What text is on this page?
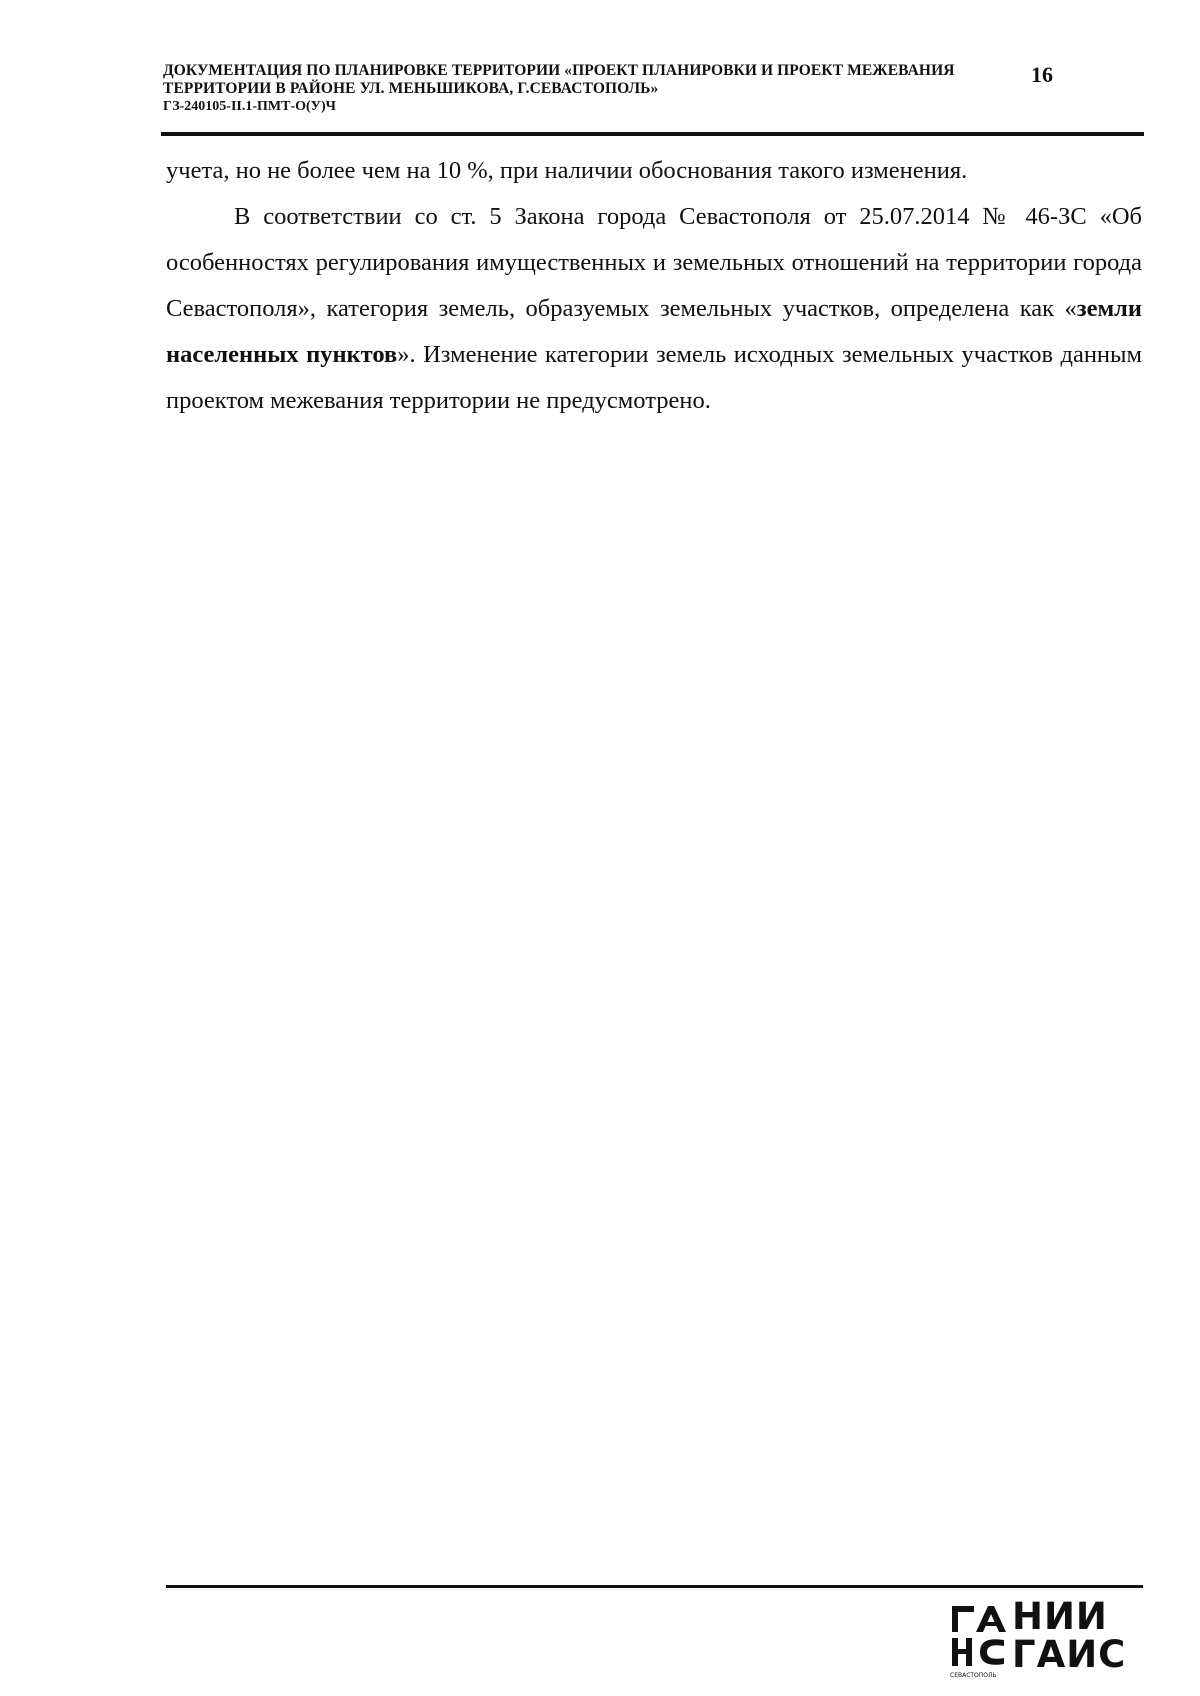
ДОКУМЕНТАЦИЯ ПО ПЛАНИРОВКЕ ТЕРРИТОРИИ «ПРОЕКТ ПЛАНИРОВКИ И ПРОЕКТ МЕЖЕВАНИЯ
ТЕРРИТОРИИ В РАЙОНЕ УЛ. МЕНЬШИКОВА, Г.СЕВАСТОПОЛЬ»
ГЗ-240105-II.1-ПМТ-О(У)Ч
16

учета, но не более чем на 10 %, при наличии обоснования такого изменения.

В соответствии со ст. 5 Закона города Севастополя от 25.07.2014 № 46-ЗС «Об особенностях регулирования имущественных и земельных отношений на территории города Севастополя», категория земель, образуемых земельных участков, определена как «земли населенных пунктов». Изменение категории земель исходных земельных участков данным проектом межевания территории не предусмотрено.

НИИ
ГАИС
СЕВАСТОПОЛЬ
